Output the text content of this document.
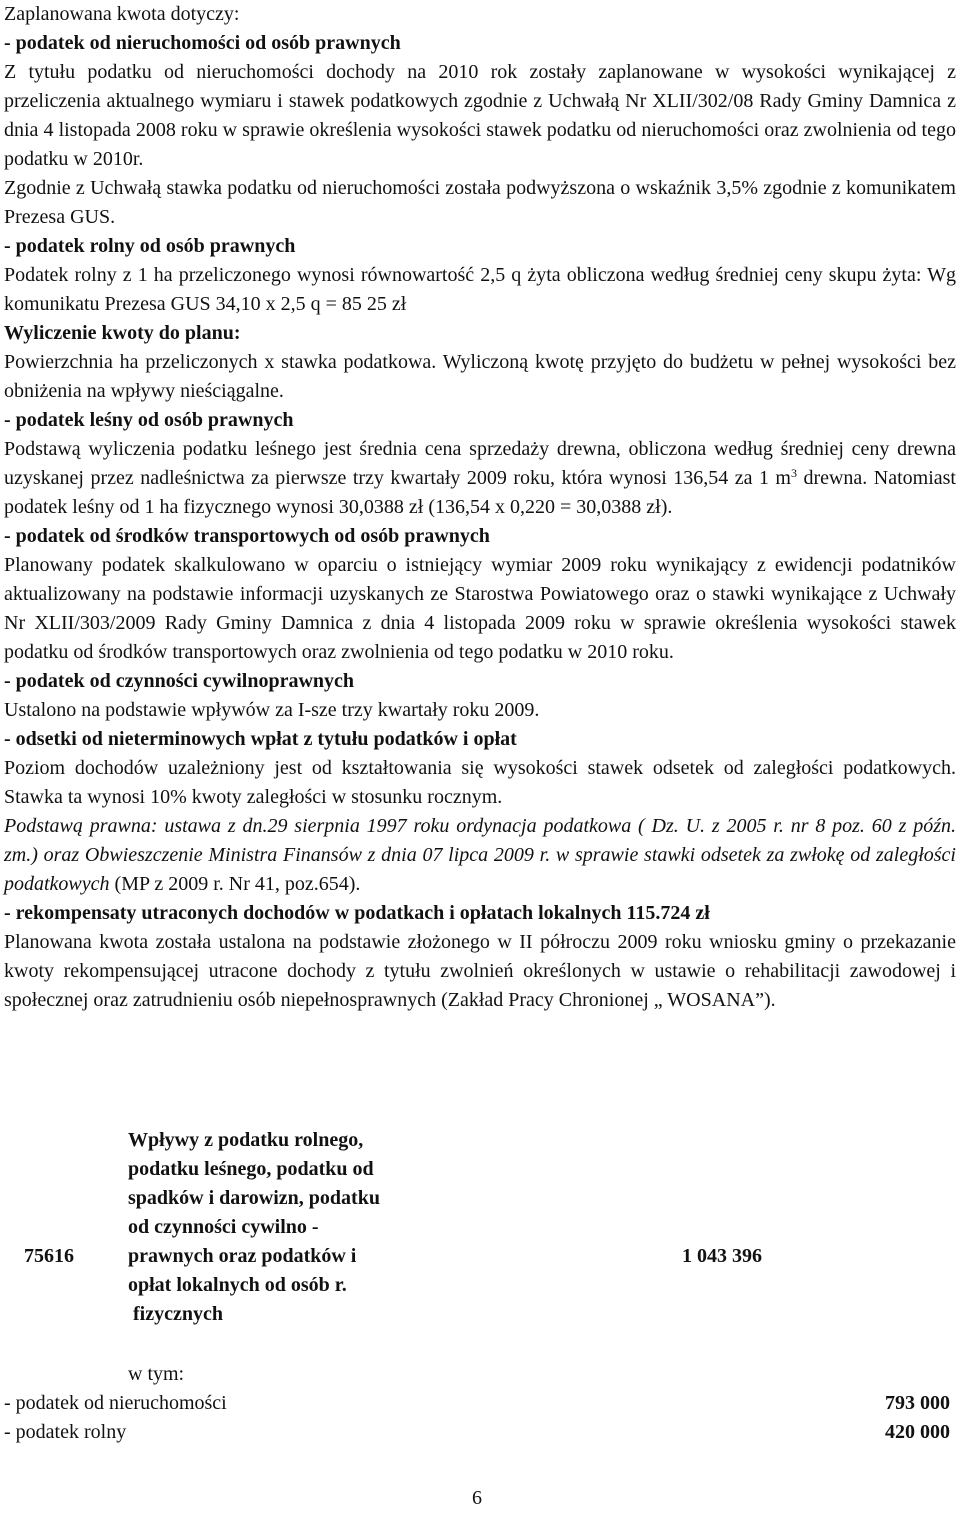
Zaplanowana kwota dotyczy:

- podatek od nieruchomości od osób prawnych

Z tytułu podatku od nieruchomości dochody na 2010 rok zostały zaplanowane w wysokości wynikającej z przeliczenia aktualnego wymiaru i stawek podatkowych zgodnie z Uchwałą Nr XLII/302/08 Rady Gminy Damnica z dnia 4 listopada 2008 roku w sprawie określenia wysokości stawek podatku od nieruchomości oraz zwolnienia od tego podatku w 2010r.

Zgodnie z Uchwałą stawka podatku od nieruchomości została podwyższona o wskaźnik 3,5% zgodnie z komunikatem Prezesa GUS.

- podatek rolny od osób prawnych

Podatek rolny z 1 ha przeliczonego wynosi równowartość 2,5 q żyta obliczona według średniej ceny skupu żyta: Wg komunikatu Prezesa GUS 34,10 x 2,5 q = 85 25 zł

Wyliczenie kwoty do planu:

Powierzchnia ha przeliczonych x stawka podatkowa. Wyliczoną kwotę przyjęto do budżetu w pełnej wysokości bez obniżenia na wpływy nieściągalne.

- podatek leśny od osób prawnych

Podstawą wyliczenia podatku leśnego jest średnia cena sprzedaży drewna, obliczona według średniej ceny drewna uzyskanej przez nadleśnictwa za pierwsze trzy kwartały 2009 roku, która wynosi 136,54 za 1 $m^3$ drewna. Natomiast podatek leśny od 1 ha fizycznego wynosi 30,0388 zł (136,54 x 0,220 = 30,0388 zł).

- podatek od środków transportowych od osób prawnych

Planowany podatek skalkulowano w oparciu o istniejący wymiar 2009 roku wynikający z ewidencji podatników aktualizowany na podstawie informacji uzyskanych ze Starostwa Powiatowego oraz o stawki wynikające z Uchwały Nr XLII/303/2009 Rady Gminy Damnica z dnia 4 listopada 2009 roku w sprawie określenia wysokości stawek podatku od środków transportowych oraz zwolnienia od tego podatku w 2010 roku.

- podatek od czynności cywilnoprawnych

Ustalono na podstawie wpływów za I-sze trzy kwartały roku 2009.

- odsetki od nieterminowych wpłat z tytułu podatków i opłat

Poziom dochodów uzależniony jest od kształtowania się wysokości stawek odsetek od zaległości podatkowych. Stawka ta wynosi 10% kwoty zaległości w stosunku rocznym.

Podstawą prawna: ustawa z dn.29 sierpnia 1997 roku ordynacja podatkowa ( Dz. U. z 2005 r. nr 8 poz. 60 z późn. zm.) oraz Obwieszczenie Ministra Finansów z dnia 07 lipca 2009 r. w sprawie stawki odsetek za zwłokę od zaległości podatkowych (MP z 2009 r. Nr 41, poz.654).

- rekompensaty utraconych dochodów w podatkach i opłatach lokalnych 115.724 zł

Planowana kwota została ustalona na podstawie złożonego w II półroczu 2009 roku wniosku gminy o przekazanie kwoty rekompensującej utracone dochody z tytułu zwolnień określonych w ustawie o rehabilitacji zawodowej i społecznej oraz zatrudnieniu osób niepełnosprawnych (Zakład Pracy Chronionej „ WOSANA”).

75616
Wpływy z podatku rolnego,
podatku leśnego, podatku od
spadków i darowizn, podatku
od czynności cywilno -
prawnych oraz podatków i
opłat lokalnych od osób r.
fizycznych
1 043 396
w tym:
- podatek od nieruchomości	793 000
- podatek rolny	420 000
6
